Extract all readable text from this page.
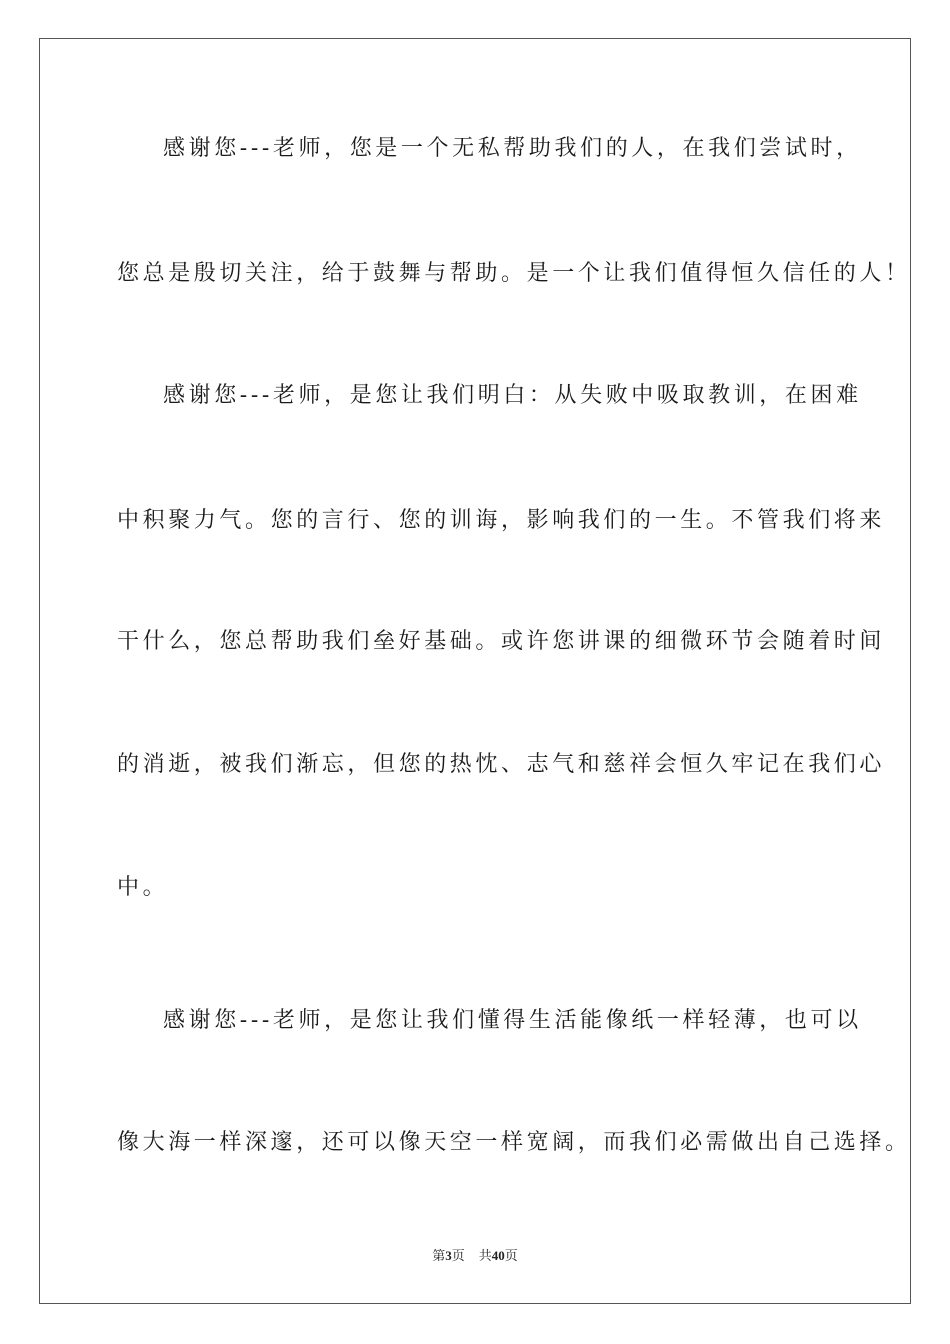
感谢您---老师，您是一个无私帮助我们的人，在我们尝试时，
您总是殷切关注，给于鼓舞与帮助。是一个让我们值得恒久信任的人！
感谢您---老师，是您让我们明白：从失败中吸取教训，在困难
中积聚力气。您的言行、您的训诲，影响我们的一生。不管我们将来
干什么，您总帮助我们垒好基础。或许您讲课的细微环节会随着时间
的消逝，被我们渐忘，但您的热忱、志气和慈祥会恒久牢记在我们心
中。
感谢您---老师，是您让我们懂得生活能像纸一样轻薄，也可以
像大海一样深邃，还可以像天空一样宽阔，而我们必需做出自己选择。
第3页 共40页
